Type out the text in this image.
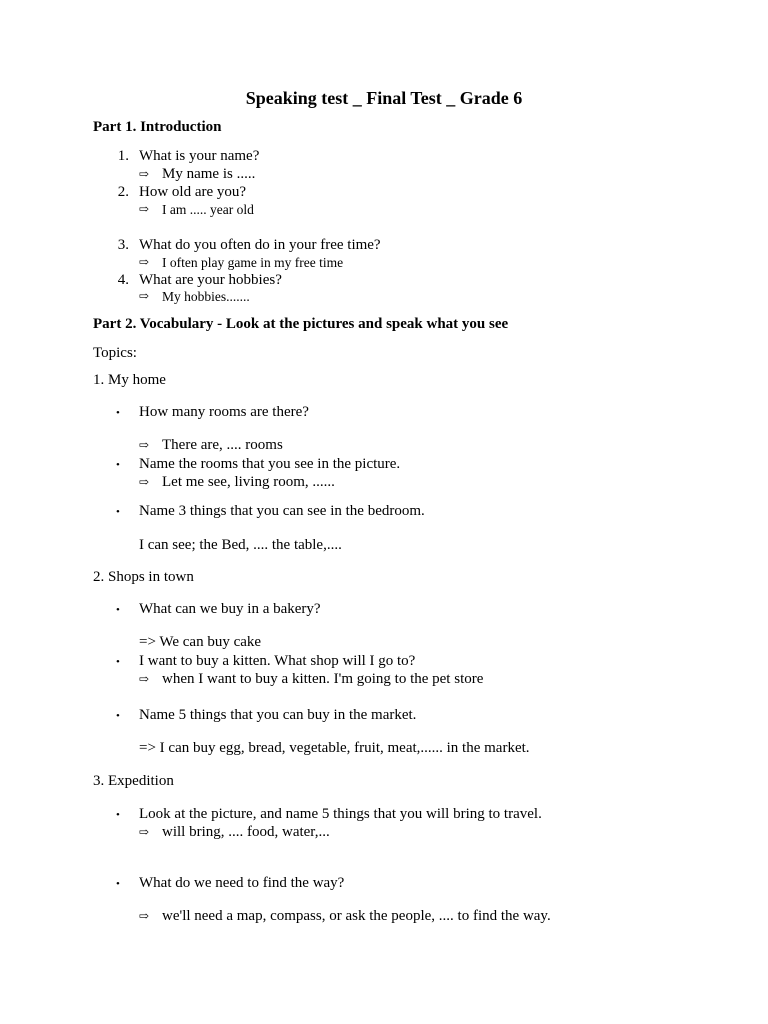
Speaking test _ Final Test _ Grade 6
Part 1. Introduction
1. What is your name?
⇨ My name is .....
2. How old are you?
⇨ I am ..... year old
3. What do you often do in your free time?
⇨ I often play game in my free time
4. What are your hobbies?
⇨ My hobbies.......
Part 2. Vocabulary - Look at the pictures and speak what you see
Topics:
1. My home
• How many rooms are there?
⇨ There are, .... rooms
• Name the rooms that you see in the picture.
⇨ Let me see, living room, ......
• Name 3 things that you can see in the bedroom.
I can see; the Bed, .... the table,....
2. Shops in town
• What can we buy in a bakery?
=> We can buy cake
• I want to buy a kitten. What shop will I go to?
⇨ when I want to buy a kitten. I'm going to the pet store
• Name 5 things that you can buy in the market.
=> I can buy egg, bread, vegetable, fruit, meat,...... in the market.
3. Expedition
• Look at the picture, and name 5 things that you will bring to travel.
⇨ will bring, .... food, water,...
• What do we need to find the way?
⇨ we'll need a map, compass, or ask the people, .... to find the way.
